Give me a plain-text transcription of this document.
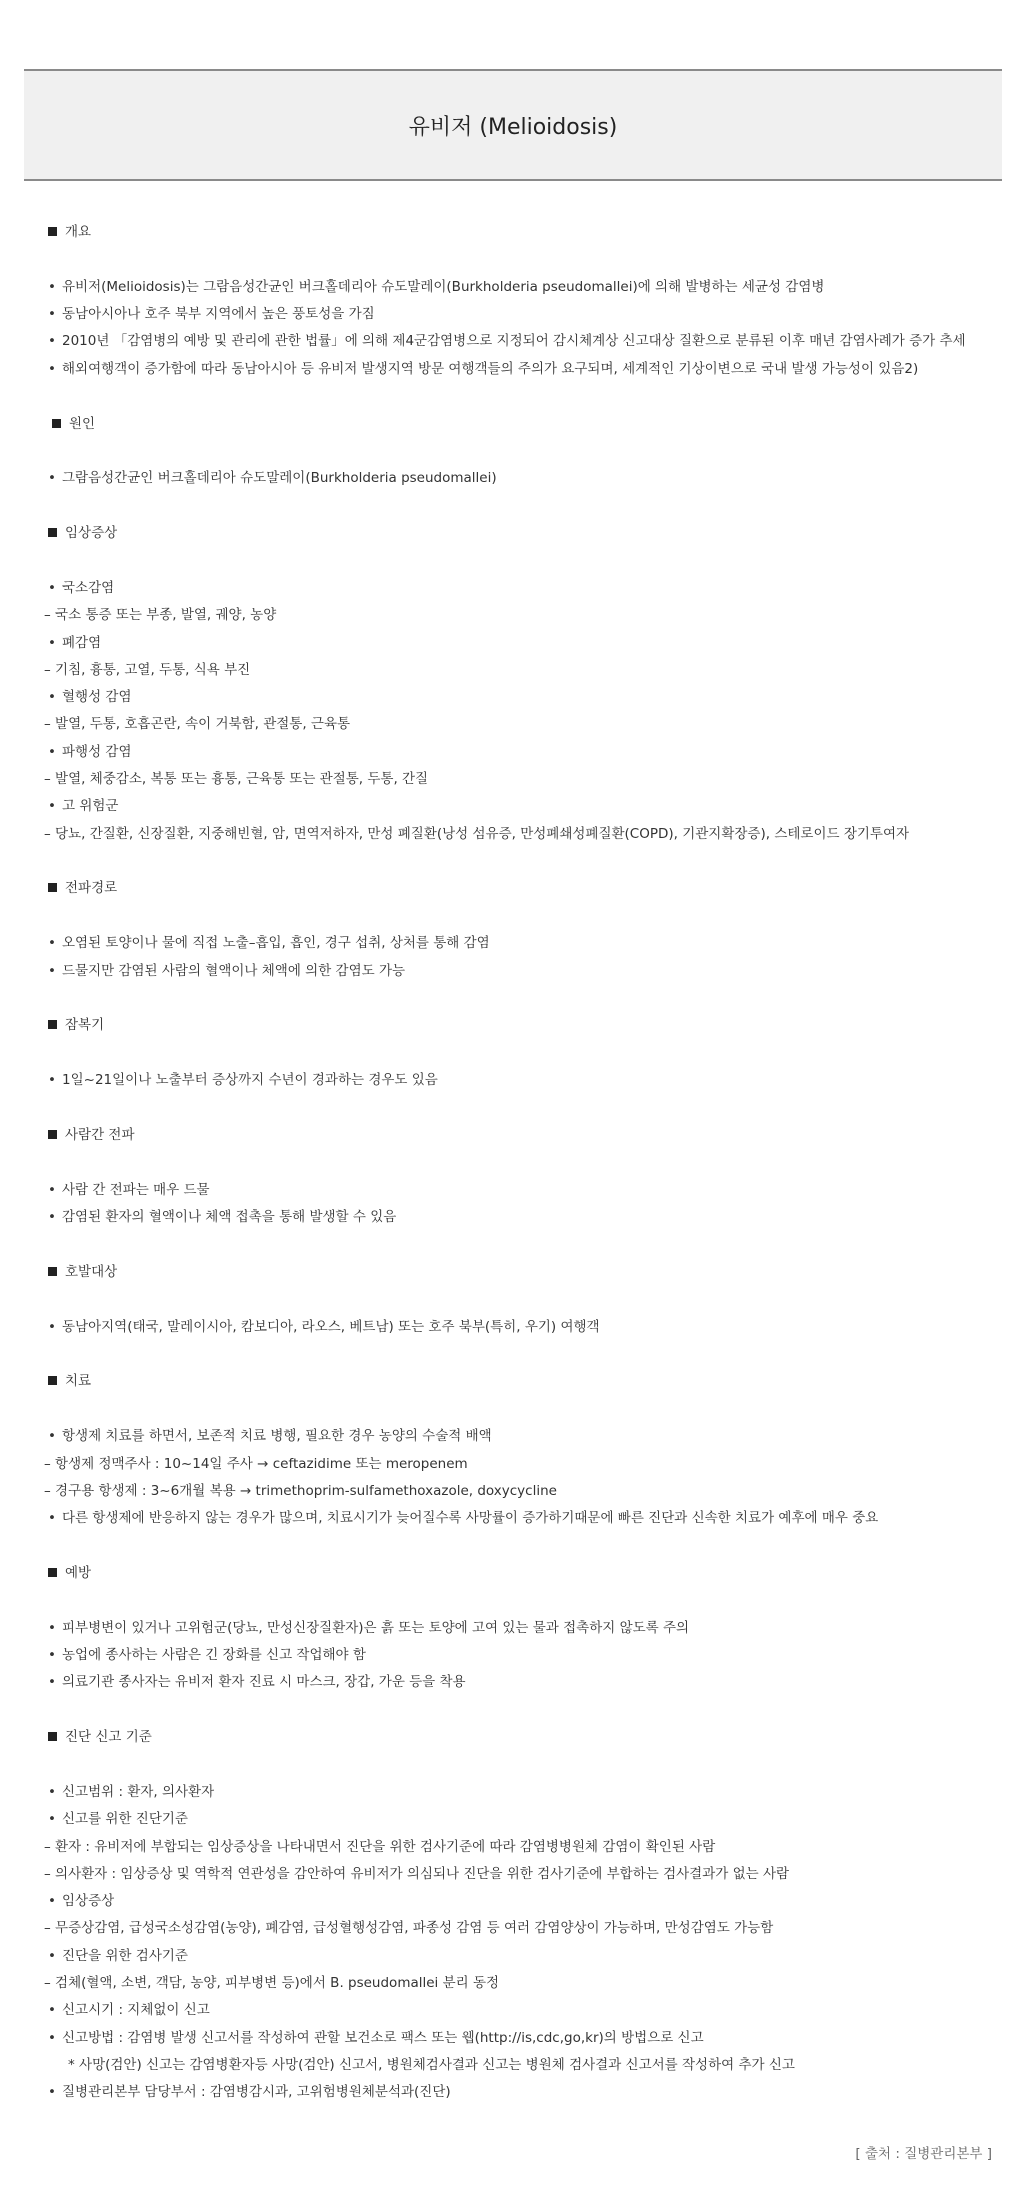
유비저 (Melioidosis)
개요
• 유비저(Melioidosis)는 그람음성간균인 버크홀데리아 슈도말레이(Burkholderia pseudomallei)에 의해 발병하는 세균성 감염병
• 동남아시아나 호주 북부 지역에서 높은 풍토성을 가짐
• 2010년 「감염병의 예방 및 관리에 관한 법률」에 의해 제4군감염병으로 지정되어 감시체계상 신고대상 질환으로 분류된 이후 매년 감염사례가 증가 추세
• 해외여행객이 증가함에 따라 동남아시아 등 유비저 발생지역 방문 여행객들의 주의가 요구되며, 세계적인 기상이변으로 국내 발생 가능성이 있음2)
원인
• 그람음성간균인 버크홀데리아 슈도말레이(Burkholderia pseudomallei)
임상증상
• 국소감염
– 국소 통증 또는 부종, 발열, 궤양, 농양
• 폐감염
– 기침, 흉통, 고열, 두통, 식욕 부진
• 혈행성 감염
– 발열, 두통, 호흡곤란, 속이 거북함, 관절통, 근육통
• 파행성 감염
– 발열, 체중감소, 복통 또는 흉통, 근육통 또는 관절통, 두통, 간질
• 고 위험군
– 당뇨, 간질환, 신장질환, 지중해빈혈, 암, 면역저하자, 만성 폐질환(낭성 섬유증, 만성폐쇄성폐질환(COPD), 기관지확장증), 스테로이드 장기투여자
전파경로
• 오염된 토양이나 물에 직접 노출–흡입, 흡인, 경구 섭취, 상처를 통해 감염
• 드물지만 감염된 사람의 혈액이나 체액에 의한 감염도 가능
잠복기
• 1일~21일이나 노출부터 증상까지 수년이 경과하는 경우도 있음
사람간 전파
• 사람 간 전파는 매우 드물
• 감염된 환자의 혈액이나 체액 접촉을 통해 발생할 수 있음
호발대상
• 동남아지역(태국, 말레이시아, 캄보디아, 라오스, 베트남) 또는 호주 북부(특히, 우기) 여행객
치료
• 항생제 치료를 하면서, 보존적 치료 병행, 필요한 경우 농양의 수술적 배액
– 항생제 정맥주사 : 10~14일 주사 → ceftazidime 또는 meropenem
– 경구용 항생제 : 3~6개월 복용 → trimethoprim-sulfamethoxazole, doxycycline
• 다른 항생제에 반응하지 않는 경우가 많으며, 치료시기가 늦어질수록 사망률이 증가하기때문에 빠른 진단과 신속한 치료가 예후에 매우 중요
예방
• 피부병변이 있거나 고위험군(당뇨, 만성신장질환자)은 흙 또는 토양에 고여 있는 물과 접촉하지 않도록 주의
• 농업에 종사하는 사람은 긴 장화를 신고 작업해야 함
• 의료기관 종사자는 유비저 환자 진료 시 마스크, 장갑, 가운 등을 착용
진단 신고 기준
• 신고범위 : 환자, 의사환자
• 신고를 위한 진단기준
– 환자 : 유비저에 부합되는 임상증상을 나타내면서 진단을 위한 검사기준에 따라 감염병병원체 감염이 확인된 사람
– 의사환자 : 임상증상 및 역학적 연관성을 감안하여 유비저가 의심되나 진단을 위한 검사기준에 부합하는 검사결과가 없는 사람
• 임상증상
– 무증상감염, 급성국소성감염(농양), 폐감염, 급성혈행성감염, 파종성 감염 등 여러 감염양상이 가능하며, 만성감염도 가능함
• 진단을 위한 검사기준
– 검체(혈액, 소변, 객담, 농양, 피부병변 등)에서 B. pseudomallei 분리 동정
• 신고시기 : 지체없이 신고
• 신고방법 : 감염병 발생 신고서를 작성하여 관할 보건소로 팩스 또는 웹(http://is,cdc,go,kr)의 방법으로 신고
* 사망(검안) 신고는 감염병환자등 사망(검안) 신고서, 병원체검사결과 신고는 병원체 검사결과 신고서를 작성하여 추가 신고
• 질병관리본부 담당부서 : 감염병감시과, 고위험병원체분석과(진단)
[ 출처 : 질병관리본부 ]
